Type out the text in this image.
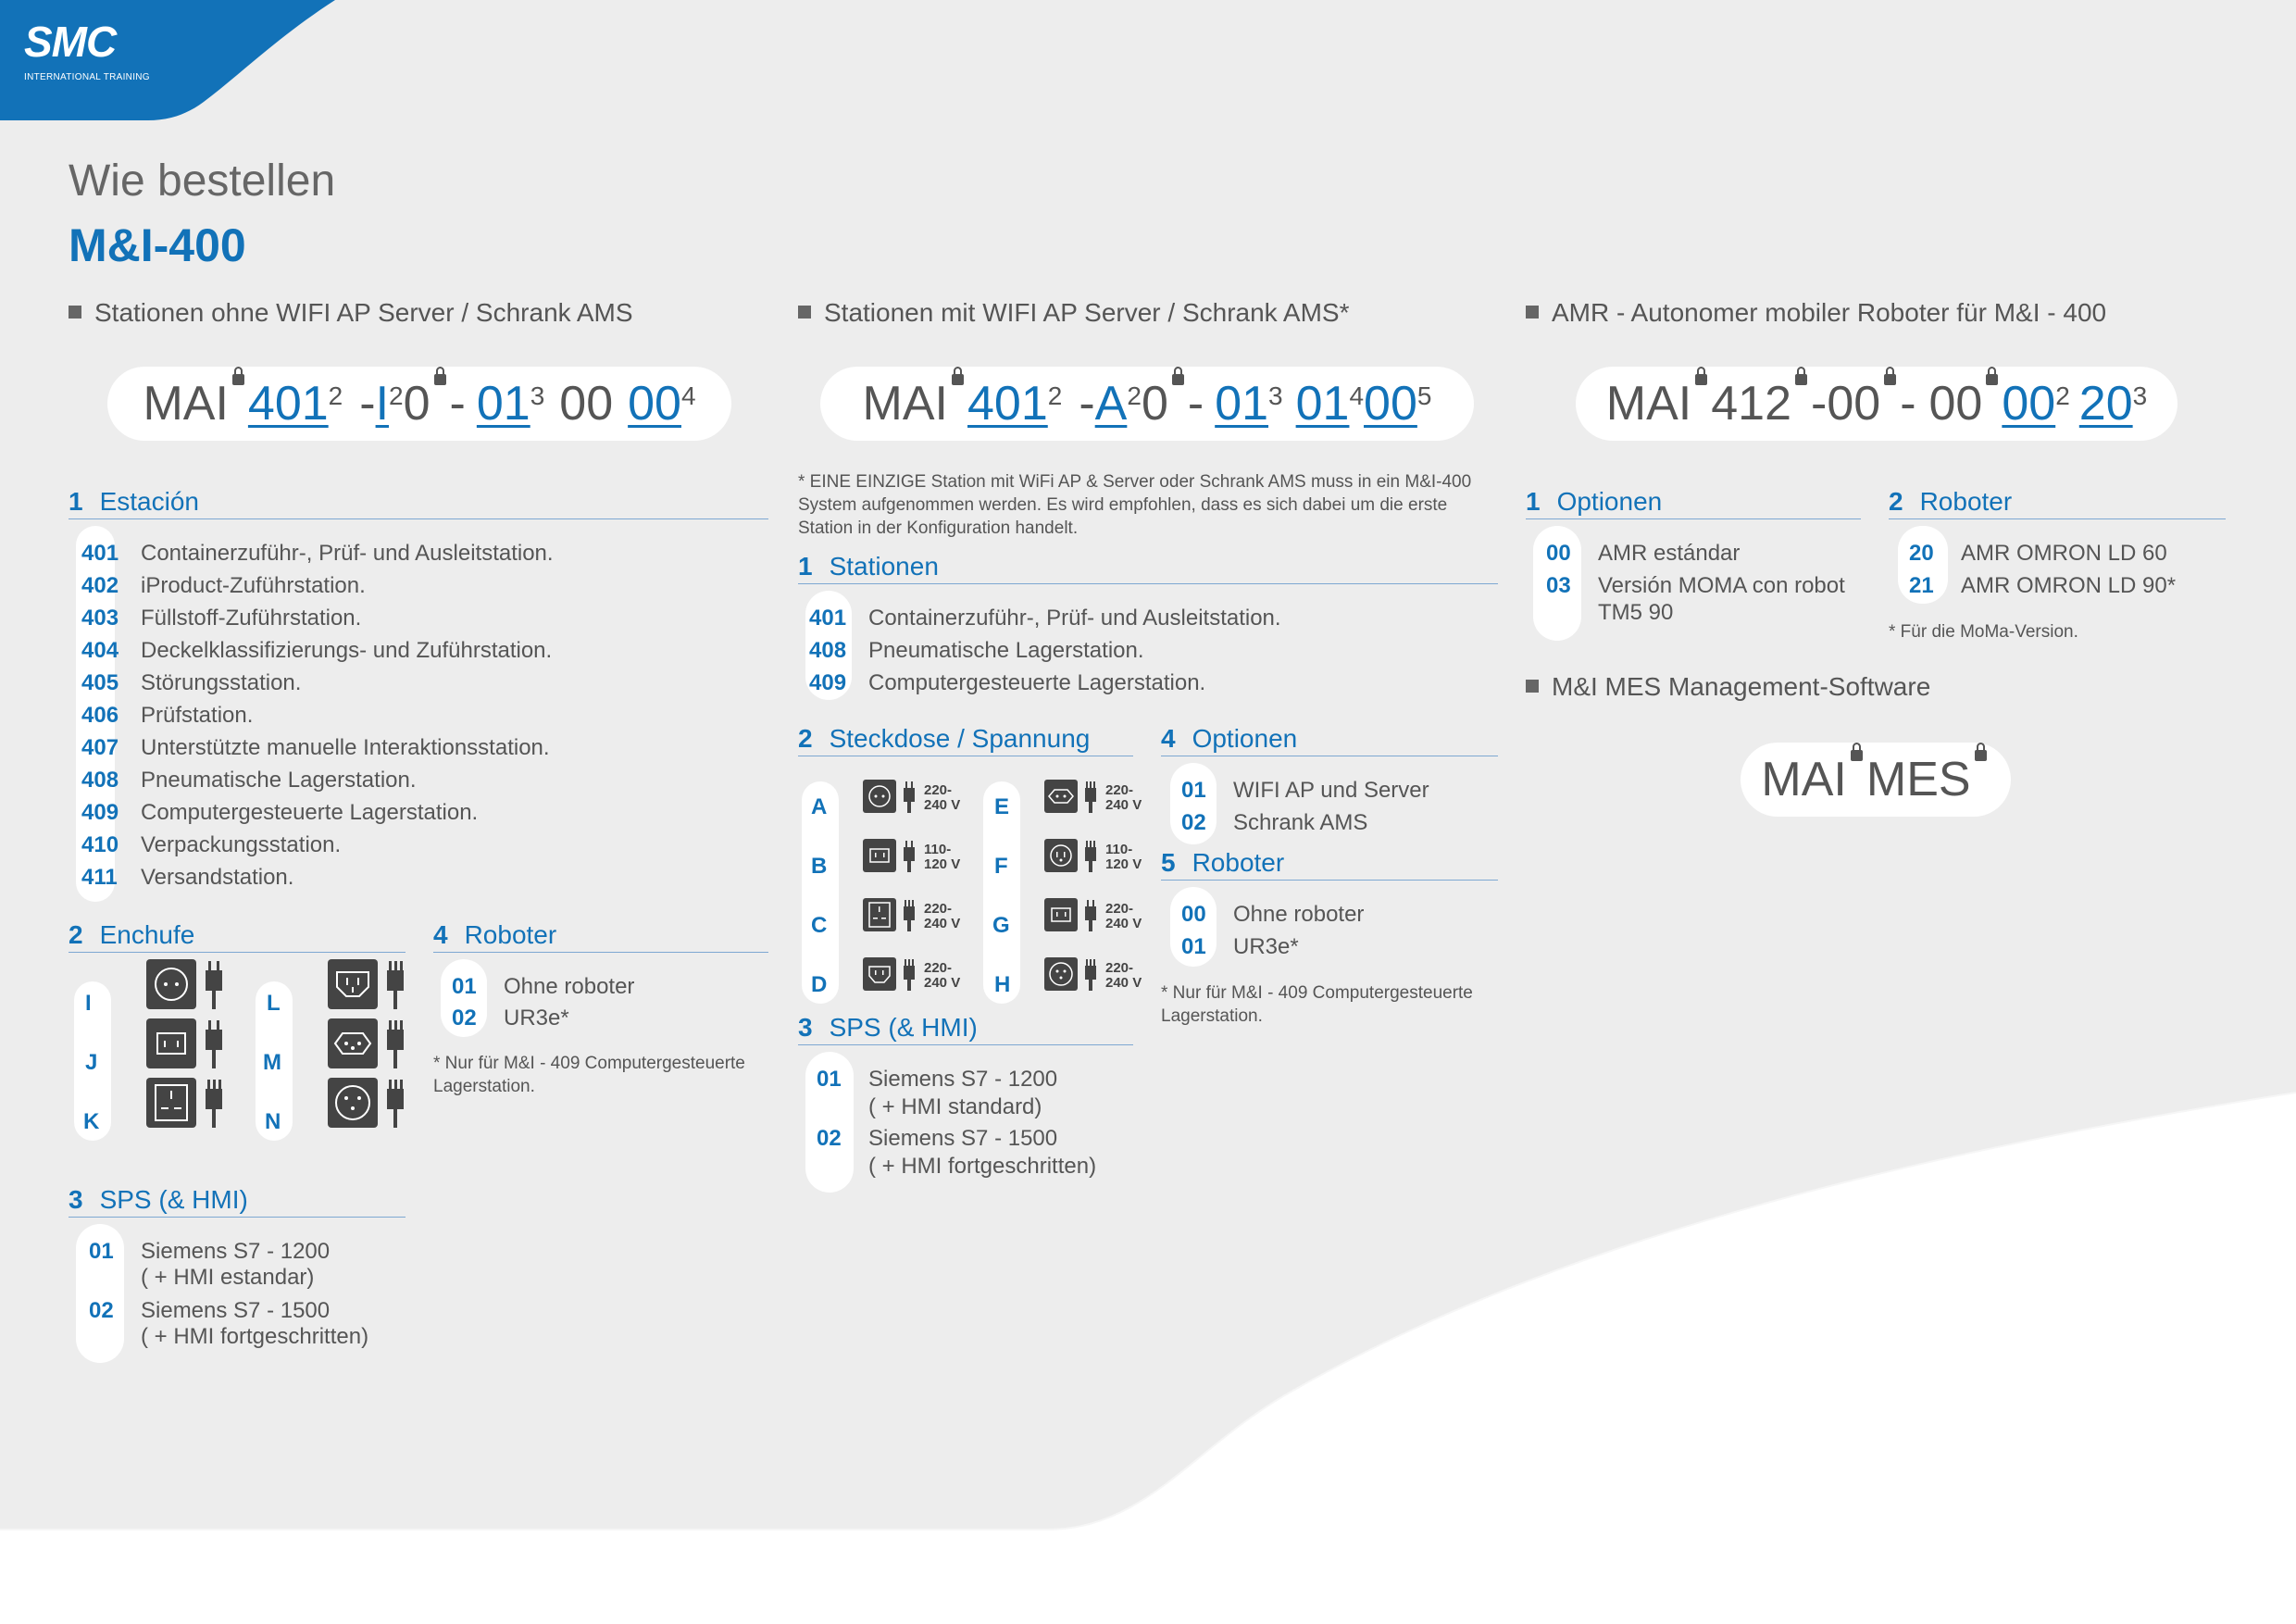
SMC
INTERNATIONAL TRAINING
Wie bestellen
M&I-400
Stationen ohne WIFI AP Server / Schrank AMS
MAI $401^2 - I^2$ $0 - 01^3$ 00 $00^4$
1 Estación
401 Containerzuführ-, Prüf- und Ausleitstation.
402 iProduct-Zuführstation.
403 Füllstoff-Zuführstation.
404 Deckelklassifizierungs- und Zuführstation.
405 Störungsstation.
406 Prüfstation.
407 Unterstützte manuelle Interaktionsstation.
408 Pneumatische Lagerstation.
409 Computergesteuerte Lagerstation.
410 Verpackungsstation.
411 Versandstation.
2 Enchufe
I
J
K
L
M
N
4 Roboter
01 Ohne roboter
02 UR3e*
* Nur für M&I - 409 Computergesteuerte Lagerstation.
3 SPS (& HMI)
01 Siemens S7 - 1200
( + HMI estandar)
02 Siemens S7 - 1500
( + HMI fortgeschritten)
Stationen mit WIFI AP Server / Schrank AMS*
MAI $401^2 - A^2$ $0 - 01^3$ $01^4$ $00^5$
* EINE EINZIGE Station mit WiFi AP & Server oder Schrank AMS muss in ein M&I-400 System aufgenommen werden. Es wird empfohlen, dass es sich dabei um die erste Station in der Konfiguration handelt.
1 Stationen
401 Containerzuführ-, Prüf- und Ausleitstation.
408 Pneumatische Lagerstation.
409 Computergesteuerte Lagerstation.
2 Steckdose / Spannung
A
B
C
D
E
F
G
H
220-
240 V
110-
120 V
220-
240 V
220-
240 V
220-
240 V
110-
120 V
220-
240 V
220-
240 V
4 Optionen
01 WIFI AP und Server
02 Schrank AMS
5 Roboter
00 Ohne roboter
01 UR3e*
* Nur für M&I - 409 Computergesteuerte Lagerstation.
3 SPS (& HMI)
01 Siemens S7 - 1200
( + HMI standard)
02 Siemens S7 - 1500
( + HMI fortgeschritten)
AMR - Autonomer mobiler Roboter für M&I - 400
MAI 412 - 00 - 00 $00^2$ $20^3$
1 Optionen
00 AMR estándar
03 Versión MOMA con robot
TM5 90
2 Roboter
20 AMR OMRON LD 60
21 AMR OMRON LD 90*
* Für die MoMa-Version.
M&I MES Management-Software
MAI MES
